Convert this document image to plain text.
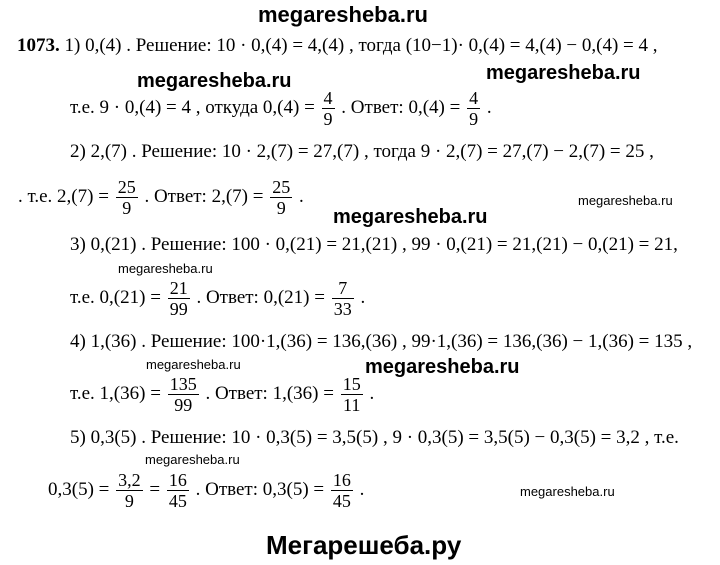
megaresheba.ru
megaresheba.ru	megaresheba.ru
megaresheba.ru
megaresheba.ru
megaresheba.ru
megaresheba.ru	megaresheba.ru
megaresheba.ru
megaresheba.ru
Мегарешеба.ру
1073. 1) 0,(4) . Решение: 10 · 0,(4) = 4,(4) , тогда (10−1)· 0,(4) = 4,(4) − 0,(4) = 4 ,
т.е. 9 · 0,(4) = 4 , откуда $0,(4) = \frac{4}{9}$ . Ответ: $0,(4) = \frac{4}{9}$ .
2) 2,(7) . Решение: 10 · 2,(7) = 27,(7) , тогда 9 · 2,(7) = 27,(7) − 2,(7) = 25 ,
. т.е. $2,(7) = \frac{25}{9}$ . Ответ: $2,(7) = \frac{25}{9}$ .
3) 0,(21) . Решение: 100 · 0,(21) = 21,(21) , 99 · 0,(21) = 21,(21) − 0,(21) = 21,
т.е. $0,(21) = \frac{21}{99}$ . Ответ: $0,(21) = \frac{7}{33}$ .
4) 1,(36) . Решение: 100·1,(36) = 136,(36) , 99·1,(36) = 136,(36) − 1,(36) = 135 ,
т.е. $1,(36) = \frac{135}{99}$ . Ответ: $1,(36) = \frac{15}{11}$ .
5) 0,3(5) . Решение: 10 · 0,3(5) = 3,5(5) , 9 · 0,3(5) = 3,5(5) − 0,3(5) = 3,2 , т.е.
$0,3(5) = \frac{3,2}{9} = \frac{16}{45}$ . Ответ: $0,3(5) = \frac{16}{45}$ .
